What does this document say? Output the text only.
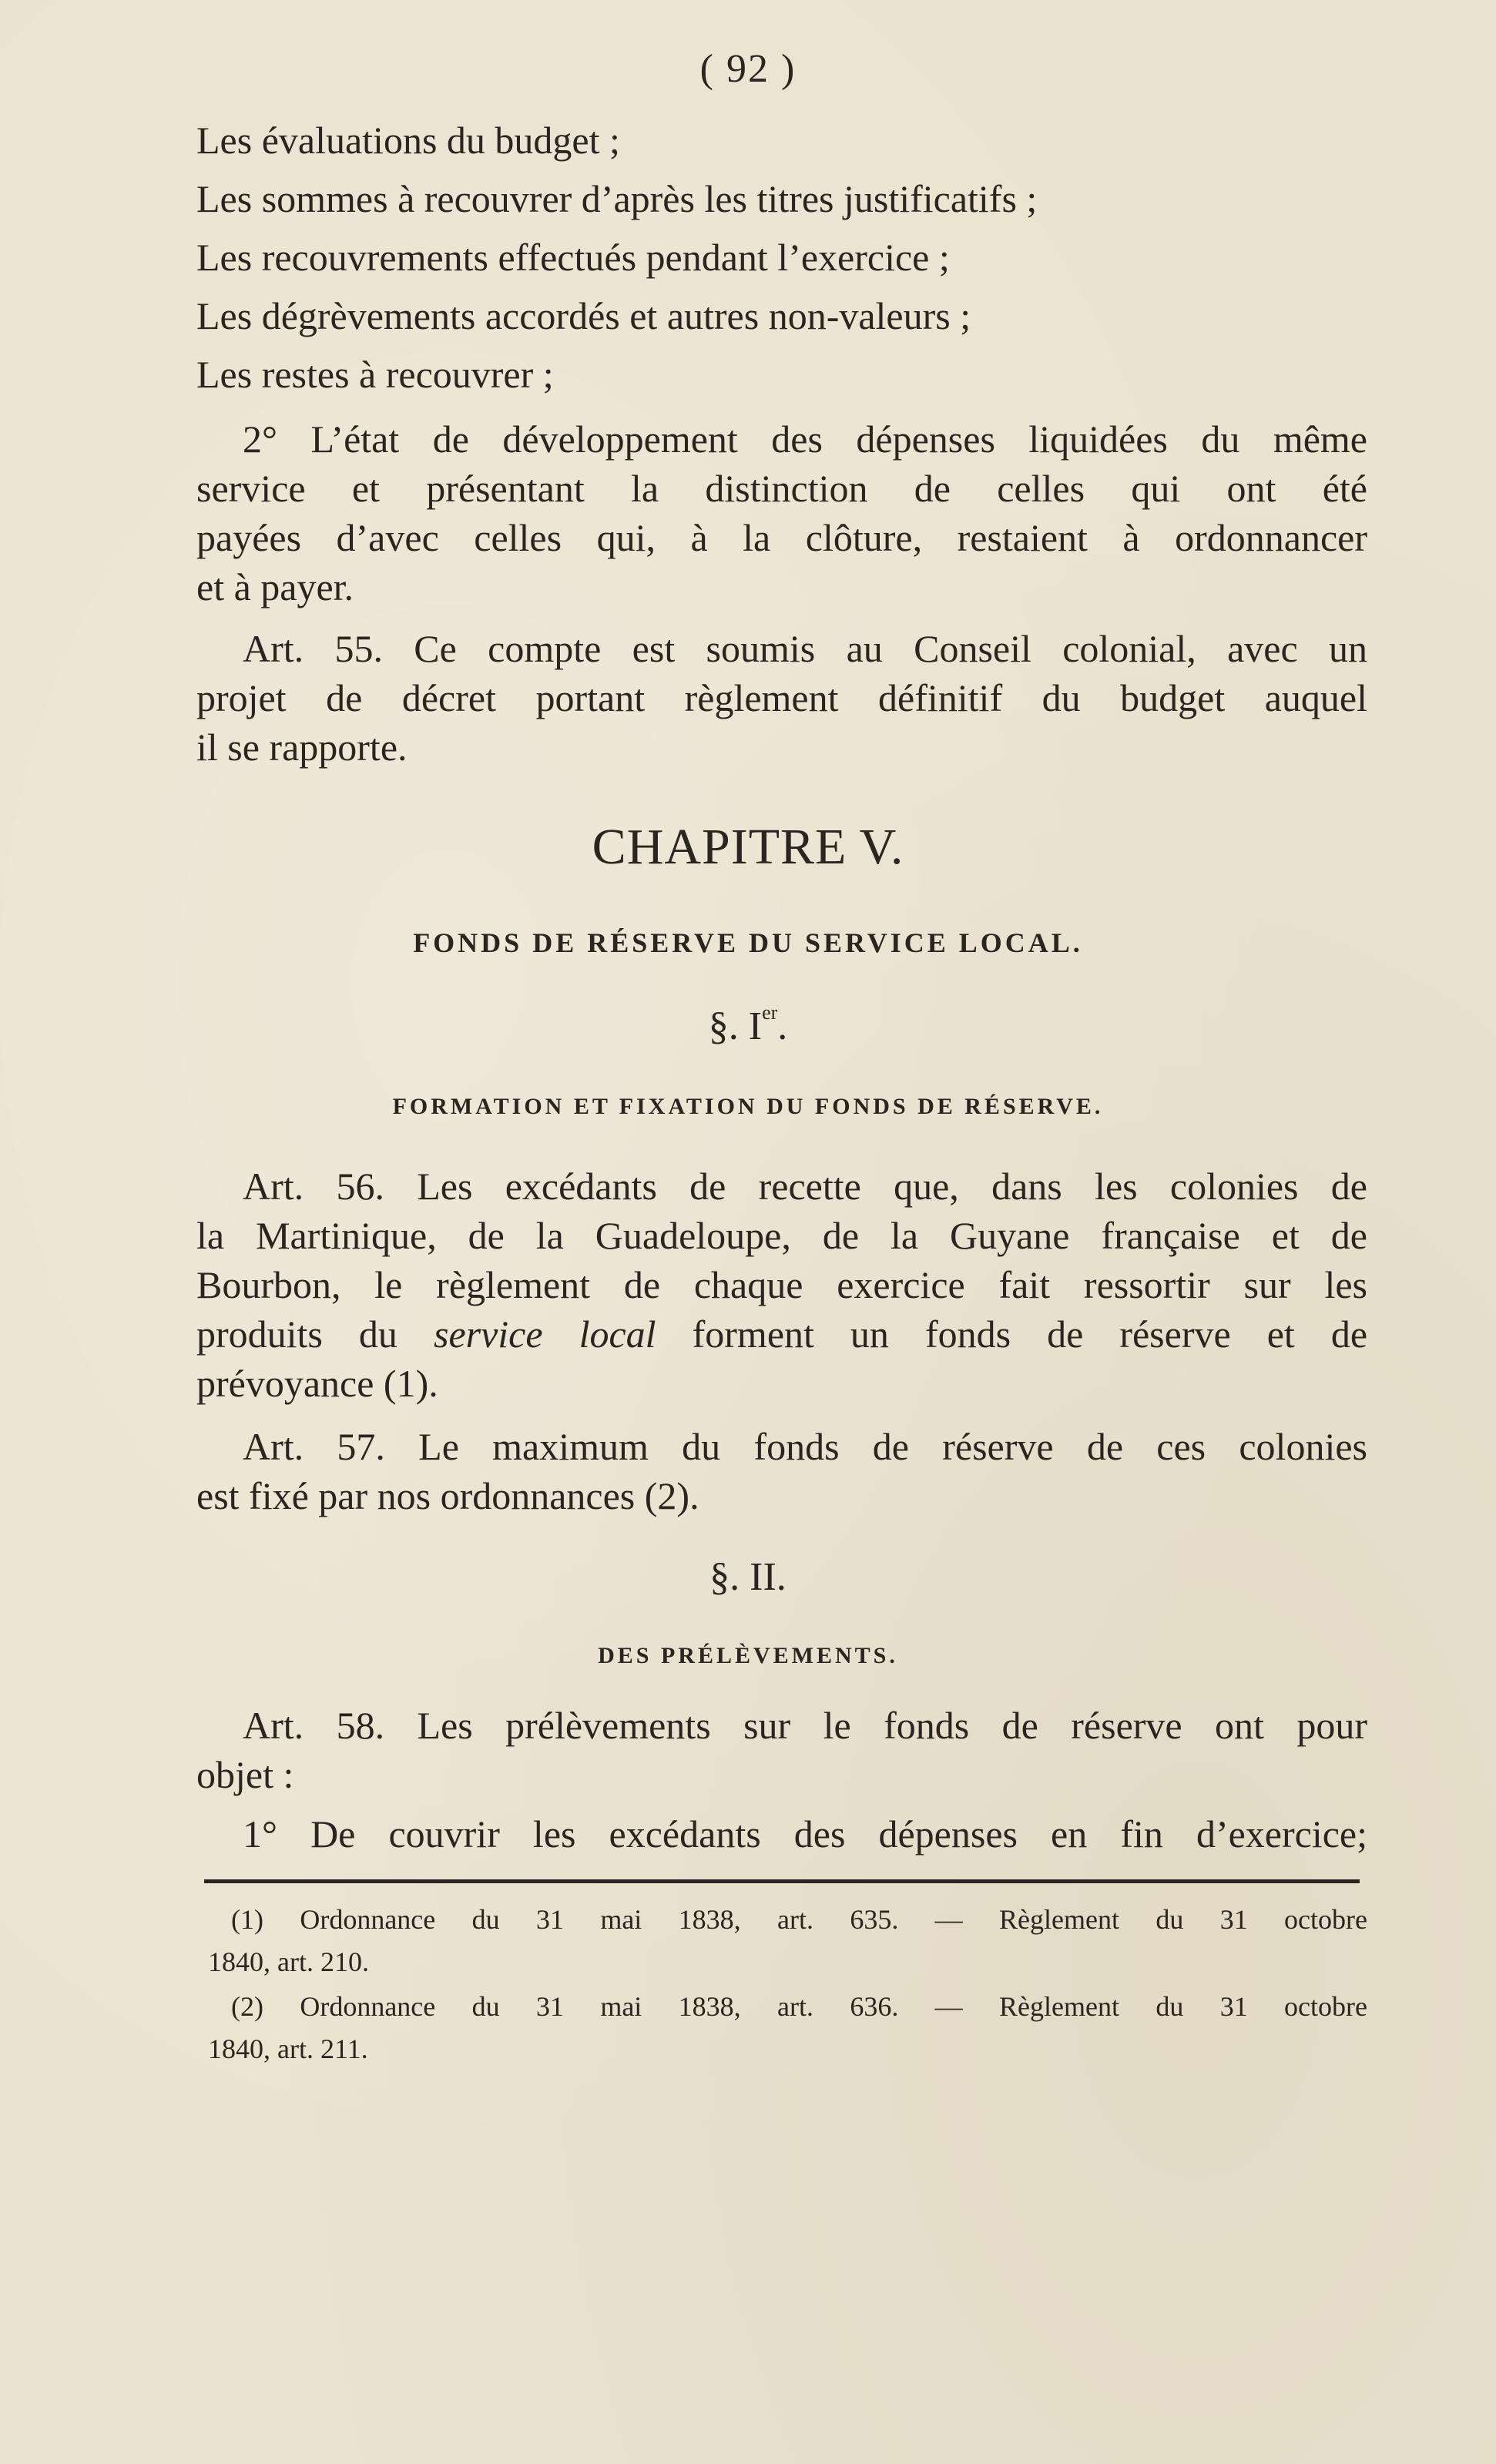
( 92 )
Les évaluations du budget ;
Les sommes à recouvrer d’après les titres justificatifs ;
Les recouvrements effectués pendant l’exercice ;
Les dégrèvements accordés et autres non-valeurs ;
Les restes à recouvrer ;
2° L’état de développement des dépenses liquidées du même
service et présentant la distinction de celles qui ont été
payées d’avec celles qui, à la clôture, restaient à ordonnancer
et à payer.
Art. 55. Ce compte est soumis au Conseil colonial, avec un
projet de décret portant règlement définitif du budget auquel
il se rapporte.
CHAPITRE V.
FONDS DE RÉSERVE DU SERVICE LOCAL.
§. Ier.
FORMATION ET FIXATION DU FONDS DE RÉSERVE.
Art. 56. Les excédants de recette que, dans les colonies de
la Martinique, de la Guadeloupe, de la Guyane française et de
Bourbon, le règlement de chaque exercice fait ressortir sur les
produits du service local forment un fonds de réserve et de
prévoyance (1).
Art. 57. Le maximum du fonds de réserve de ces colonies
est fixé par nos ordonnances (2).
§. II.
DES PRÉLÈVEMENTS.
Art. 58. Les prélèvements sur le fonds de réserve ont pour
objet :
1° De couvrir les excédants des dépenses en fin d’exercice;
(1) Ordonnance du 31 mai 1838, art. 635. — Règlement du 31 octobre
1840, art. 210.
(2) Ordonnance du 31 mai 1838, art. 636. — Règlement du 31 octobre
1840, art. 211.
